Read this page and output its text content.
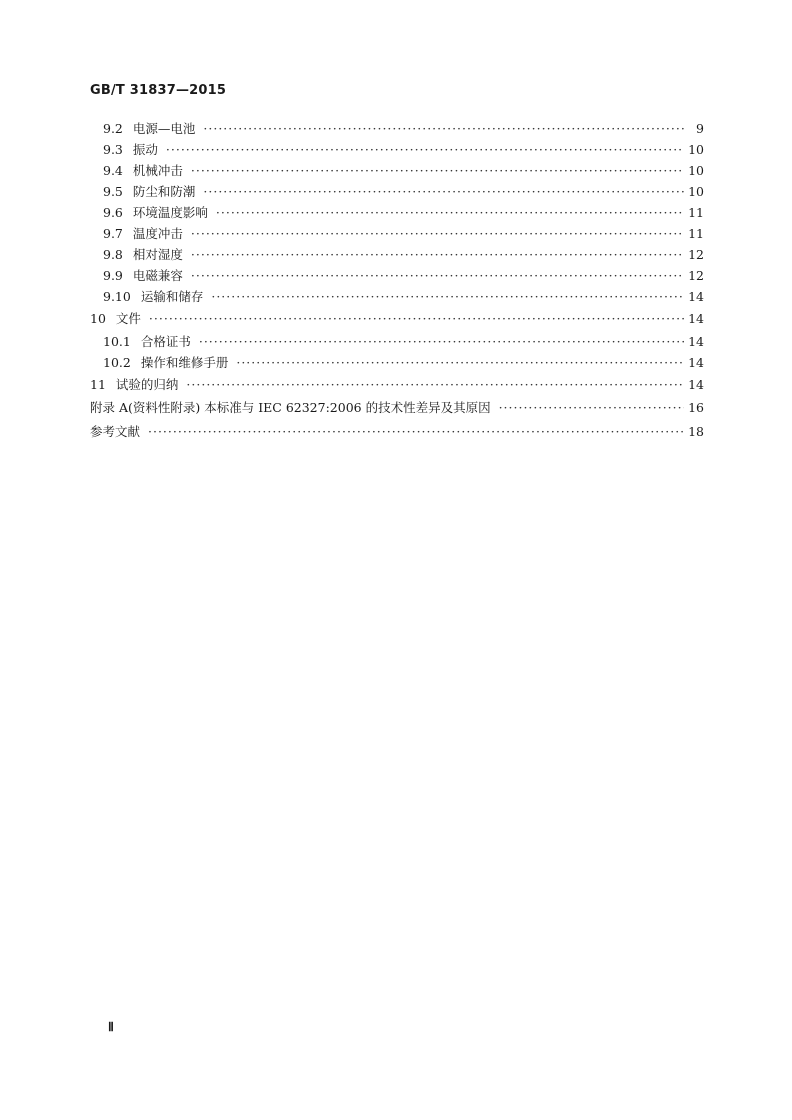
GB/T 31837—2015
9.2 电源—电池 ·····	9
9.3 振动 ·····	10
9.4 机械冲击 ·····	10
9.5 防尘和防潮 ·····	10
9.6 环境温度影响 ·····	11
9.7 温度冲击 ·····	11
9.8 相对湿度 ·····	12
9.9 电磁兼容 ·····	12
9.10 运输和储存 ·····	14
10 文件 ·····	14
10.1 合格证书 ·····	14
10.2 操作和维修手册 ·····	14
11 试验的归纳 ·····	14
附录 A (资料性附录) 本标准与 IEC 62327:2006 的技术性差异及其原因 ·····	16
参考文献 ·····	18
Ⅱ
